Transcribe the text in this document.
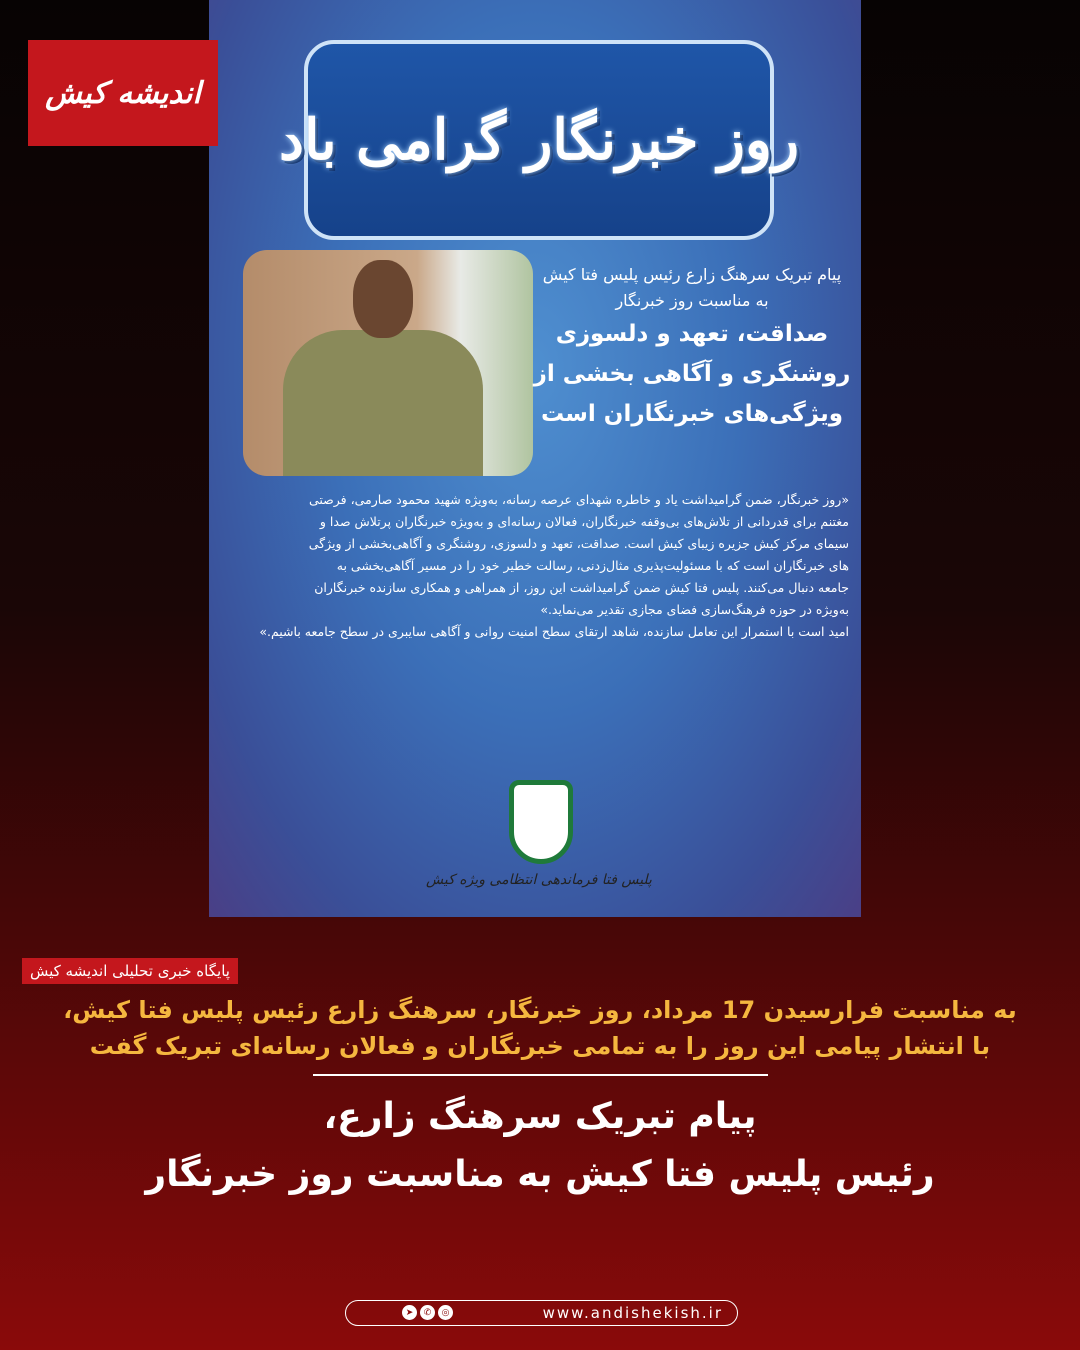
روز خبرنگار گرامی باد
پیام تبریک سرهنگ زارع رئیس پلیس فتا کیش
به مناسبت روز خبرنگار
صداقت، تعهد و دلسوزی
روشنگری و آگاهی بخشی از
ویژگی‌های خبرنگاران است

«روز خبرنگار، ضمن گرامیداشت یاد و خاطره شهدای عرصه رسانه، به‌ویژه شهید محمود صارمی، فرصتی

مغتنم برای قدردانی از تلاش‌های بی‌وقفه خبرنگاران، فعالان رسانه‌ای و به‌ویژه خبرنگاران پرتلاش صدا و

سیمای مرکز کیش جزیره زیبای کیش است. صداقت، تعهد و دلسوزی، روشنگری و آگاهی‌بخشی از ویژگی

های خبرنگاران است که با مسئولیت‌پذیری مثال‌زدنی، رسالت خطیر خود را در مسیر آگاهی‌بخشی به

جامعه دنبال می‌کنند. پلیس فتا کیش ضمن گرامیداشت این روز، از همراهی و همکاری سازنده خبرنگاران

به‌ویژه در حوزه فرهنگ‌سازی فضای مجازی تقدیر می‌نماید.»

امید است با استمرار این تعامل سازنده، شاهد ارتقای سطح امنیت روانی و آگاهی سایبری در سطح جامعه باشیم.»

پلیس فتا فرماندهی انتظامی ویژه کیش
اندیشه کیش
پایگاه خبری تحلیلی اندیشه کیش
به مناسبت فرارسیدن 17 مرداد، روز خبرنگار، سرهنگ زارع رئیس پلیس فتا کیش،
با انتشار پیامی این روز را به تمامی خبرنگاران و فعالان رسانه‌ای تبریک گفت
پیام تبریک سرهنگ زارع،
رئیس پلیس فتا کیش به مناسبت روز خبرنگار
➤	✆	◎	www.andishekish.ir
